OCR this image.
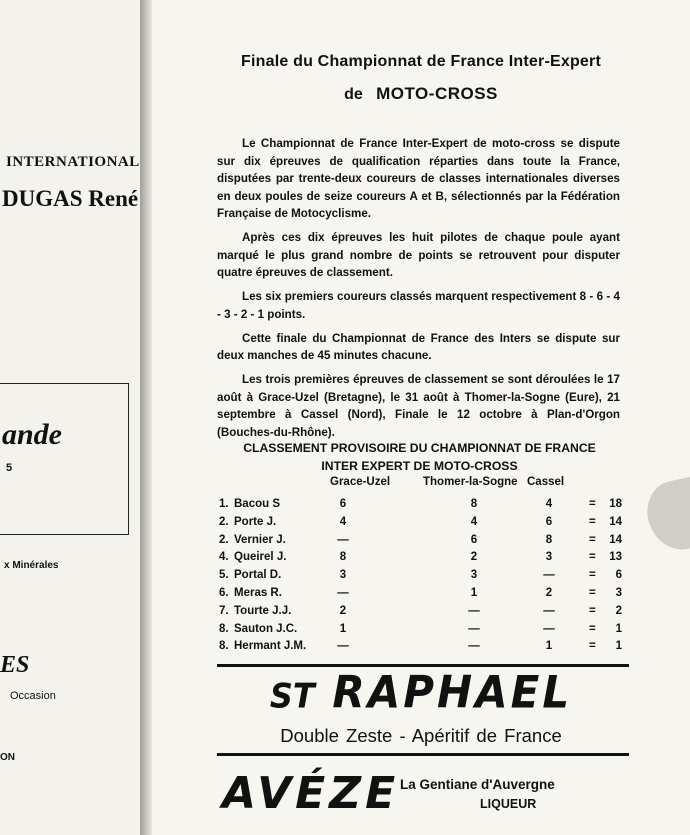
INTERNATIONAL
DUGAS René
ande
5
x Minérales
ES
Occasion
ON
Finale du Championnat de France Inter-Expert
de MOTO-CROSS

Le Championnat de France Inter-Expert de moto-cross se dispute sur dix épreuves de qualification réparties dans toute la France, disputées par trente-deux coureurs de classes internationales diverses en deux poules de seize coureurs A et B, sélectionnés par la Fédération Française de Motocyclisme.

Après ces dix épreuves les huit pilotes de chaque poule ayant marqué le plus grand nombre de points se retrouvent pour disputer quatre épreuves de classement.

Les six premiers coureurs classés marquent respectivement 8 - 6 - 4 - 3 - 2 - 1 points.

Cette finale du Championnat de France des Inters se dispute sur deux manches de 45 minutes chacune.

Les trois premières épreuves de classement se sont déroulées le 17 août à Grace-Uzel (Bretagne), le 31 août à Thomer-la-Sogne (Eure), 21 septembre à Cassel (Nord), Finale le 12 octobre à Plan-d'Orgon (Bouches-du-Rhône).

CLASSEMENT PROVISOIRE DU CHAMPIONNAT DE FRANCE
INTER EXPERT DE MOTO-CROSS
Grace-Uzel	Thomer-la-Sogne Cassel
1. Bacou S	6	8	4	=	18
2. Porte J.	4	4	6	=	14
2. Vernier J.	—	6	8	=	14
4. Queirel J.	8	2	3	=	13
5. Portal D.	3	3	—	=	6
6. Meras R.	—	1	2	=	3
7. Tourte J.J.	2	—	—	=	2
8. Sauton J.C.	1	—	—	=	1
8. Hermant J.M.	—	—	1	=	1
ST RAPHAEL
Double Zeste - Apéritif de France
AVÉZE La Gentiane d'Auvergne
LIQUEUR
